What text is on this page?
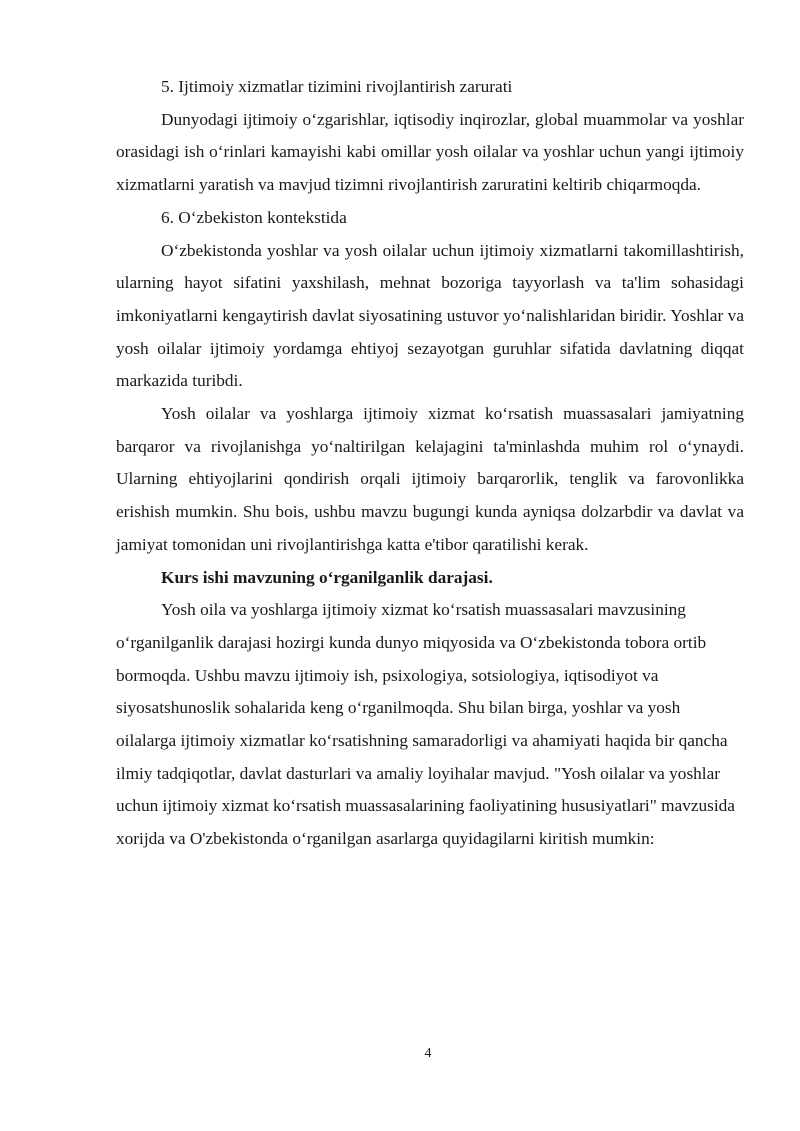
5. Ijtimoiy xizmatlar tizimini rivojlantirish zarurati

Dunyodagi ijtimoiy o‘zgarishlar, iqtisodiy inqirozlar, global muammolar va yoshlar orasidagi ish o‘rinlari kamayishi kabi omillar yosh oilalar va yoshlar uchun yangi ijtimoiy xizmatlarni yaratish va mavjud tizimni rivojlantirish zaruratini keltirib chiqarmoqda.

6. O‘zbekiston kontekstida

O‘zbekistonda yoshlar va yosh oilalar uchun ijtimoiy xizmatlarni takomillashtirish, ularning hayot sifatini yaxshilash, mehnat bozoriga tayyorlash va ta'lim sohasidagi imkoniyatlarni kengaytirish davlat siyosatining ustuvor yo‘nalishlaridan biridir. Yoshlar va yosh oilalar ijtimoiy yordamga ehtiyoj sezayotgan guruhlar sifatida davlatning diqqat markazida turibdi.

Yosh oilalar va yoshlarga ijtimoiy xizmat ko‘rsatish muassasalari jamiyatning barqaror va rivojlanishga yo‘naltirilgan kelajagini ta'minlashda muhim rol o‘ynaydi. Ularning ehtiyojlarini qondirish orqali ijtimoiy barqarorlik, tenglik va farovonlikka erishish mumkin. Shu bois, ushbu mavzu bugungi kunda ayniqsa dolzarbdir va davlat va jamiyat tomonidan uni rivojlantirishga katta e'tibor qaratilishi kerak.

Kurs ishi mavzuning o‘rganilganlik darajasi.

Yosh oila va yoshlarga ijtimoiy xizmat ko‘rsatish muassasalari mavzusining o‘rganilganlik darajasi hozirgi kunda dunyo miqyosida va O‘zbekistonda tobora ortib bormoqda. Ushbu mavzu ijtimoiy ish, psixologiya, sotsiologiya, iqtisodiyot va siyosatshunoslik sohalarida keng o‘rganilmoqda. Shu bilan birga, yoshlar va yosh oilalarga ijtimoiy xizmatlar ko‘rsatishning samaradorligi va ahamiyati haqida bir qancha ilmiy tadqiqotlar, davlat dasturlari va amaliy loyihalar mavjud. "Yosh oilalar va yoshlar uchun ijtimoiy xizmat ko‘rsatish muassasalarining faoliyatining hususiyatlari" mavzusida xorijda va O'zbekistonda o‘rganilgan asarlarga quyidagilarni kiritish mumkin:

4
